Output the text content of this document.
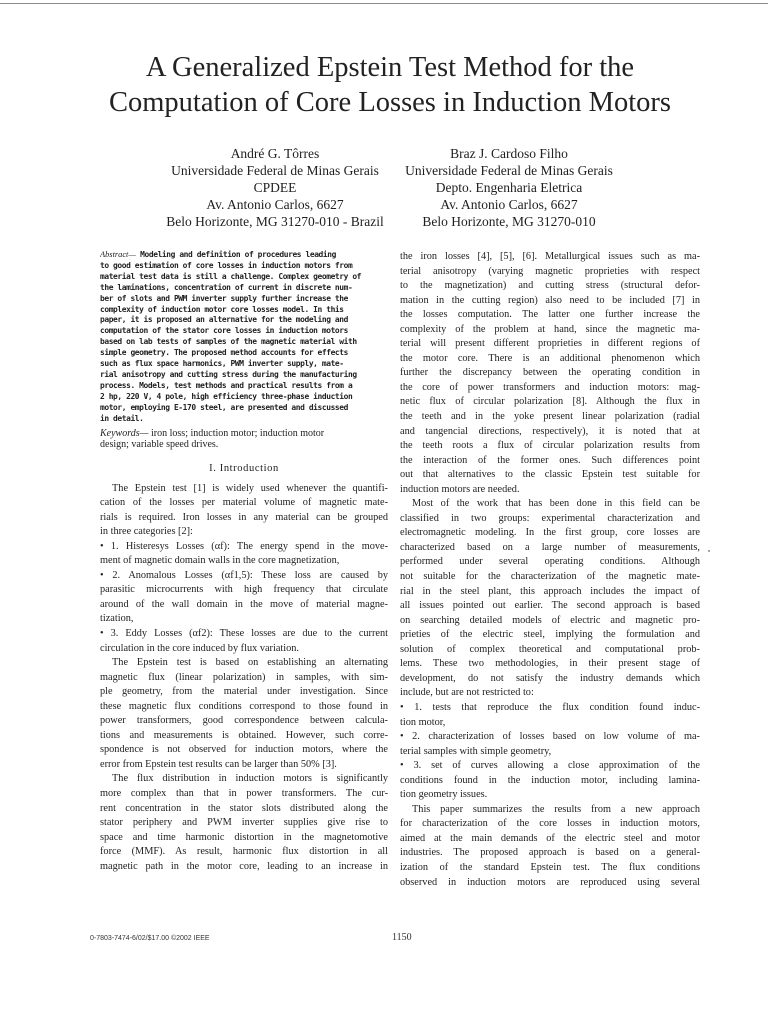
A Generalized Epstein Test Method for the
Computation of Core Losses in Induction Motors
André G. Tôrres
Universidade Federal de Minas Gerais
CPDEE
Av. Antonio Carlos, 6627
Belo Horizonte, MG 31270-010 - Brazil
Braz J. Cardoso Filho
Universidade Federal de Minas Gerais
Depto. Engenharia Eletrica
Av. Antonio Carlos, 6627
Belo Horizonte, MG 31270-010
Abstract— Modeling and definition of procedures leading
to good estimation of core losses in induction motors from
material test data is still a challenge. Complex geometry of
the laminations, concentration of current in discrete num-
ber of slots and PWM inverter supply further increase the
complexity of induction motor core losses model. In this
paper, it is proposed an alternative for the modeling and
computation of the stator core losses in induction motors
based on lab tests of samples of the magnetic material with
simple geometry. The proposed method accounts for effects
such as flux space harmonics, PWM inverter supply, mate-
rial anisotropy and cutting stress during the manufacturing
process. Models, test methods and practical results from a
2 hp, 220 V, 4 pole, high efficiency three-phase induction
motor, employing E-170 steel, are presented and discussed
in detail.
Keywords— iron loss; induction motor; induction motor
design; variable speed drives.
I. Introduction
The Epstein test [1] is widely used whenever the quantifi-
cation of the losses per material volume of magnetic mate-
rials is required. Iron losses in any material can be grouped
in three categories [2]:
• 1. Histeresys Losses (αf): The energy spend in the move-
ment of magnetic domain walls in the core magnetization,
• 2. Anomalous Losses (αf1,5): These loss are caused by
parasitic microcurrents with high frequency that circulate
around of the wall domain in the move of material magne-
tization,
• 3. Eddy Losses (αf2): These losses are due to the current
circulation in the core induced by flux variation.
The Epstein test is based on establishing an alternating
magnetic flux (linear polarization) in samples, with sim-
ple geometry, from the material under investigation. Since
these magnetic flux conditions correspond to those found in
power transformers, good correspondence between calcula-
tions and measurements is obtained. However, such corre-
spondence is not observed for induction motors, where the
error from Epstein test results can be larger than 50% [3].
The flux distribution in induction motors is significantly
more complex than that in power transformers. The cur-
rent concentration in the stator slots distributed along the
stator periphery and PWM inverter supplies give rise to
space and time harmonic distortion in the magnetomotive
force (MMF). As result, harmonic flux distortion in all
magnetic path in the motor core, leading to an increase in
the iron losses [4], [5], [6]. Metallurgical issues such as ma-
terial anisotropy (varying magnetic proprieties with respect
to the magnetization) and cutting stress (structural defor-
mation in the cutting region) also need to be included [7] in
the losses computation. The latter one further increase the
complexity of the problem at hand, since the magnetic ma-
terial will present different proprieties in different regions of
the motor core. There is an additional phenomenon which
further the discrepancy between the operating condition in
the core of power transformers and induction motors: mag-
netic flux of circular polarization [8]. Although the flux in
the teeth and in the yoke present linear polarization (radial
and tangencial directions, respectively), it is noted that at
the teeth roots a flux of circular polarization results from
the interaction of the former ones. Such differences point
out that alternatives to the classic Epstein test suitable for
induction motors are needed.
Most of the work that has been done in this field can be
classified in two groups: experimental characterization and
electromagnetic modeling. In the first group, core losses are
characterized based on a large number of measurements,
performed under several operating conditions. Although
not suitable for the characterization of the magnetic mate-
rial in the steel plant, this approach includes the impact of
all issues pointed out earlier. The second approach is based
on searching detailed models of electric and magnetic pro-
prieties of the electric steel, implying the formulation and
solution of complex theoretical and computational prob-
lems. These two methodologies, in their present stage of
development, do not satisfy the industry demands which
include, but are not restricted to:
• 1. tests that reproduce the flux condition found induc-
tion motor,
• 2. characterization of losses based on low volume of ma-
terial samples with simple geometry,
• 3. set of curves allowing a close approximation of the
conditions found in the induction motor, including lamina-
tion geometry issues.
This paper summarizes the results from a new approach
for characterization of the core losses in induction motors,
aimed at the main demands of the electric steel and motor
industries. The proposed approach is based on a general-
ization of the standard Epstein test. The flux conditions
observed in induction motors are reproduced using several
0-7803-7474-6/02/$17.00 ©2002 IEEE	1150
